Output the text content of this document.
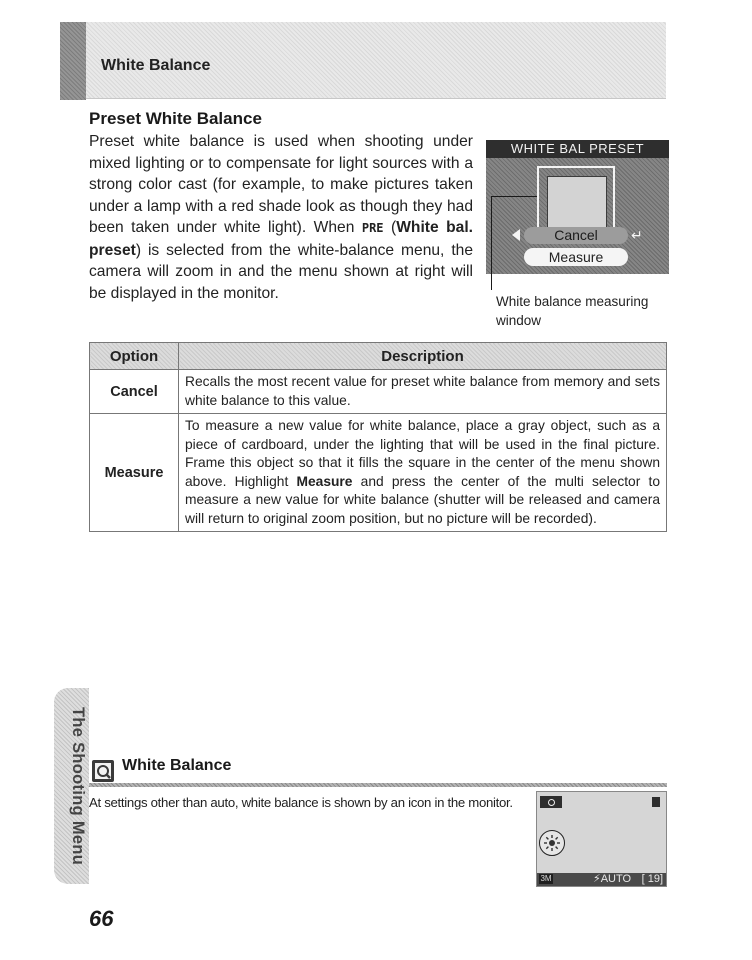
White Balance
Preset White Balance
Preset white balance is used when shooting under mixed lighting or to compensate for light sources with a strong color cast (for example, to make pictures taken under a lamp with a red shade look as though they had been taken under white light). When PRE (White bal. preset) is selected from the white-balance menu, the camera will zoom in and the menu shown at right will be displayed in the monitor.
WHITE BAL PRESET
Cancel	↵
Measure
White balance measuring window
Option	Description
Cancel	Recalls the most recent value for preset white balance from memory and sets white balance to this value.
Measure	To measure a new value for white balance, place a gray object, such as a piece of cardboard, under the lighting that will be used in the final picture. Frame this object so that it fills the square in the center of the menu shown above. Highlight Measure and press the center of the multi selector to measure a new value for white balance (shutter will be released and camera will return to original zoom position, but no picture will be recorded).
The Shooting Menu White Balance
At settings other than auto, white balance is shown by an icon in the monitor.
3M	⚡AUTO [ 19]
66
